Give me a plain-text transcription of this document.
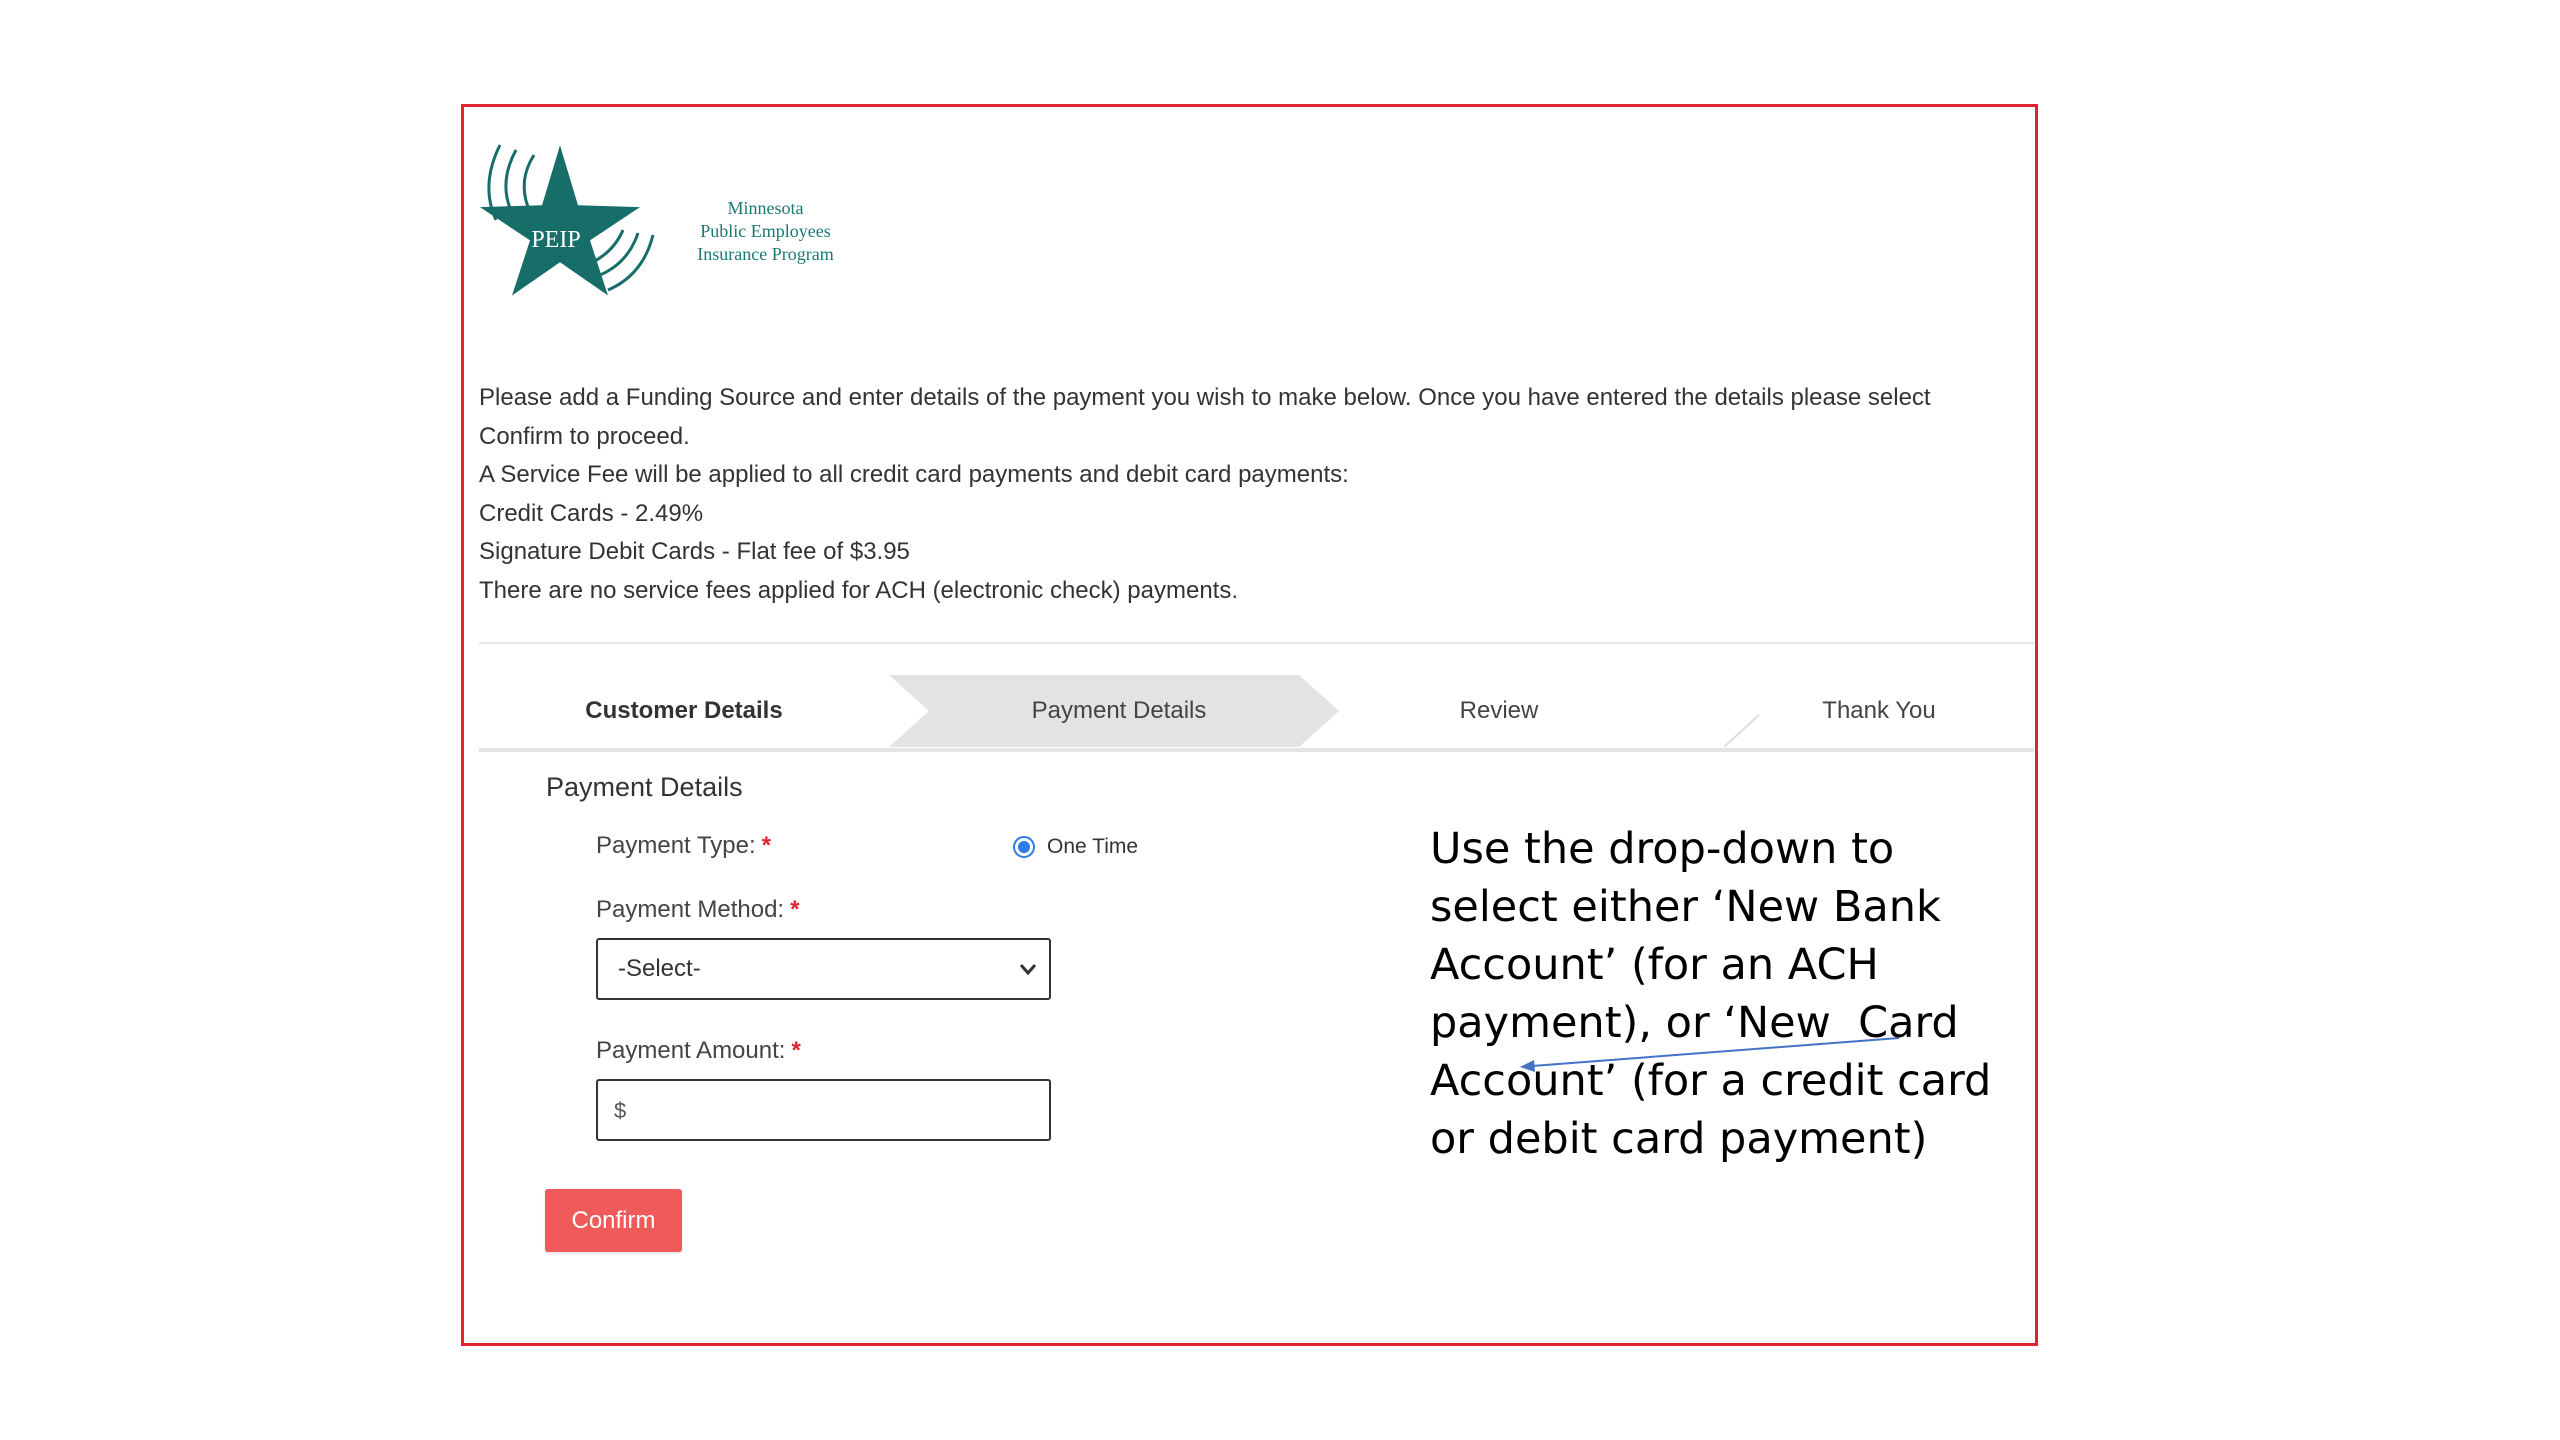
PEIP
Minnesota
Public Employees
Insurance Program

Please add a Funding Source and enter details of the payment you wish to make below. Once you have entered the details please select

Confirm to proceed.

A Service Fee will be applied to all credit card payments and debit card payments:

Credit Cards - 2.49%

Signature Debit Cards - Flat fee of $3.95

There are no service fees applied for ACH (electronic check) payments.

Customer Details	Payment Details	Review	Thank You
Payment Details
Payment Type: *	One Time
Payment Method: *
-Select-
Payment Amount: *
$
Confirm
Use the drop-down to
select either ‘New Bank
Account’ (for an ACH
payment), or ‘New  Card
Account’ (for a credit card
or debit card payment)
